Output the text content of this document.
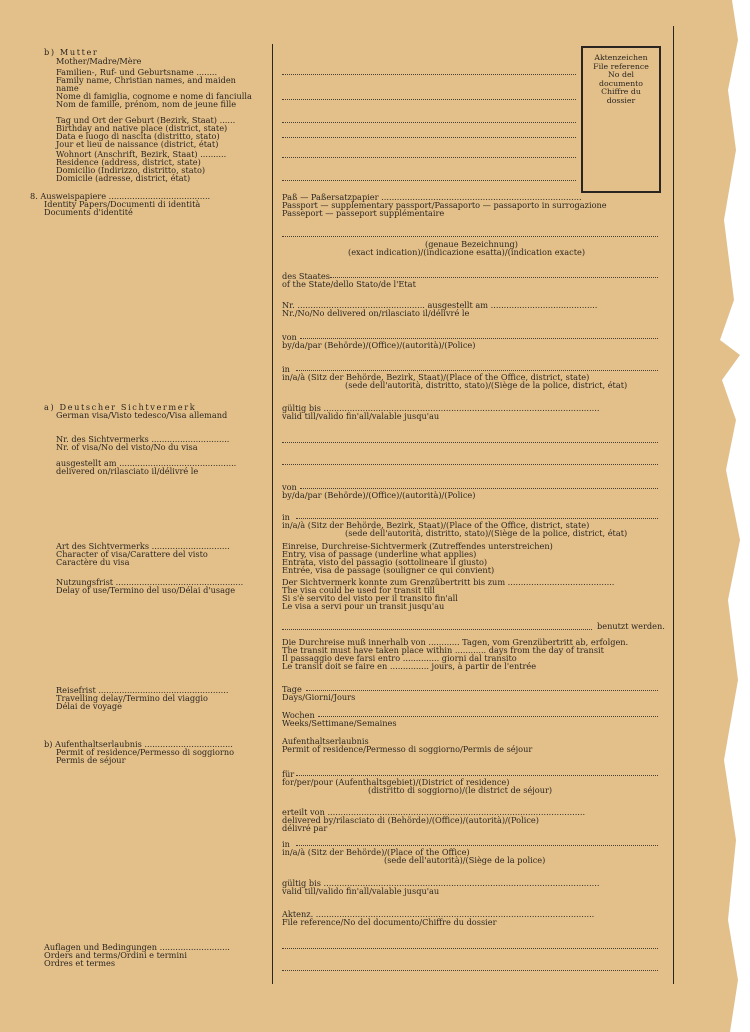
Aktenzeichen
File reference
No del
documento
Chiffre du
dossier
b) Mutter
Mother/Madre/Mère
Familien-, Ruf- und Geburtsname ........
Family name, Christian names, and maiden
name
Nome di famiglia, cognome e nome di fanciulla
Nom de famille, prénom, nom de jeune fille
Tag und Ort der Geburt (Bezirk, Staat) ......
Birthday and native place (district, state)
Data e luogo di nascita (distritto, stato)
Jour et lieu de naissance (district, état)
Wohnort (Anschrift, Bezirk, Staat) ..........
Residence (address, district, state)
Domicilio (Indirizzo, distritto, stato)
Domicile (adresse, district, état)
8. Ausweispapiere .......................................
Identity Papers/Documenti di identità
Documents d'identité
a) Deutscher Sichtvermerk
German visa/Visto tedesco/Visa allemand
Nr. des Sichtvermerks ..............................
Nr. of visa/No del visto/No du visa
ausgestellt am .............................................
delivered on/rilasciato il/délivré le
Art des Sichtvermerks ..............................
Character of visa/Carattere del visto
Caractère du visa
Nutzungsfrist .................................................
Delay of use/Termino del uso/Délai d'usage
Reisefrist ..................................................
Travelling delay/Termino del viaggio
Délai de voyage
b) Aufenthaltserlaubnis ..................................
Permit of residence/Permesso di soggiorno
Permis de séjour
Auflagen und Bedingungen ...........................
Orders and terms/Ordini e termini
Ordres et termes
Paß — Paßersatzpapier .............................................................................
Passport — supplementary passport/Passaporto — passaporto in surrogazione
Passeport — passeport supplémentaire
(genaue Bezeichnung)
(exact indication)/(indicazione esatta)/(indication exacte)
des Staates
of the State/dello Stato/de l'Etat
Nr. ................................................. ausgestellt am .........................................
Nr./No/No delivered on/rilasciato il/délivré le
von
by/da/par (Behörde)/(Office)/(autorità)/(Police)
in
in/a/à (Sitz der Behörde, Bezirk, Staat)/(Place of the Office, district, state)
(sede dell'autorità, distritto, stato)/(Siège de la police, district, état)
gültig bis ..........................................................................................................
valid till/valido fin'all/valable jusqu'au
von
by/da/par (Behörde)/(Office)/(autorità)/(Police)
in
in/a/à (Sitz der Behörde, Bezirk, Staat)/(Place of the Office, district, state)
(sede dell'autorità, distritto, stato)/(Siège de la police, district, état)
Einreise, Durchreise-Sichtvermerk (Zutreffendes unterstreichen)
Entry, visa of passage (underline what applies)
Entrata, visto del passagio (sottolineare il giusto)
Entrée, visa de passage (souligner ce qui convient)
Der Sichtvermerk konnte zum Grenzübertritt bis zum .........................................
The visa could be used for transit till
Si s'è servito del visto per il transito fin'all
Le visa a servi pour un transit jusqu'au
benutzt werden.
Die Durchreise muß innerhalb von ............ Tagen, vom Grenzübertritt ab, erfolgen.
The transit must have taken place within ............ days from the day of transit
Il passaggio deve farsi entro .............. giorni dal transito
Le transit doit se faire en ............... jours, à partir de l'entrée
Tage
Days/Giorni/Jours
Wochen
Weeks/Settimane/Semaines
Aufenthaltserlaubnis
Permit of residence/Permesso di soggiorno/Permis de séjour
für
for/per/pour (Aufenthaltsgebiet)/(District of residence)
(distritto di soggiorno)/(le district de séjour)
erteilt von ...................................................................................................
delivered by/rilasciato di (Behörde)/(Office)/(autorità)/(Police)
délivré par
in
in/a/à (Sitz der Behörde)/(Place of the Office)
(sede dell'autorità)/(Siège de la police)
gültig bis ..........................................................................................................
valid till/valido fin'all/valable jusqu'au
Aktenz. ...........................................................................................................
File reference/No del documento/Chiffre du dossier
